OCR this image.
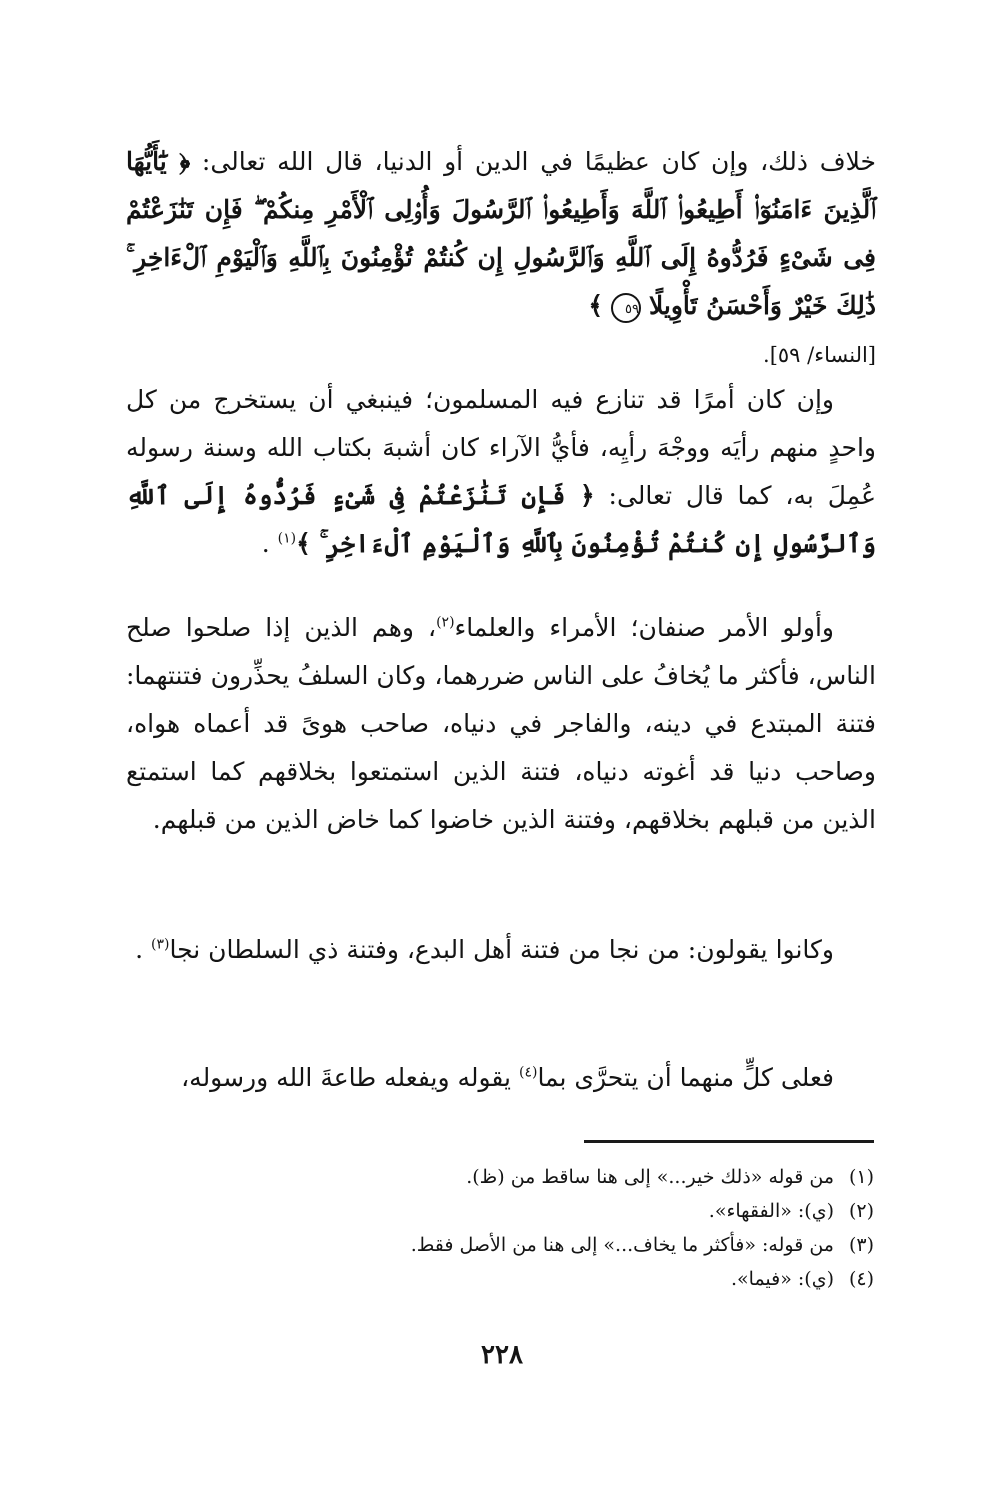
خلاف ذلك، وإن كان عظيمًا في الدين أو الدنيا، قال الله تعالى: ﴿ يَٰٓأَيُّهَا ٱلَّذِينَ ءَامَنُوٓا۟ أَطِيعُوا۟ ٱللَّهَ وَأَطِيعُوا۟ ٱلرَّسُولَ وَأُو۟لِى ٱلْأَمْرِ مِنكُمْ ۖ فَإِن تَنَٰزَعْتُمْ فِى شَىْءٍ فَرُدُّوهُ إِلَى ٱللَّهِ وَٱلرَّسُولِ إِن كُنتُمْ تُؤْمِنُونَ بِٱللَّهِ وَٱلْيَوْمِ ٱلْءَاخِرِ ۚ ذَٰلِكَ خَيْرٌ وَأَحْسَنُ تَأْوِيلًا ٥٩ ﴾
[النساء/ ٥٩].

وإن كان أمرًا قد تنازع فيه المسلمون؛ فينبغي أن يستخرج من كل واحدٍ منهم رأيَه ووجْهَ رأيِه، فأيُّ الآراء كان أشبهَ بكتاب الله وسنة رسوله عُمِلَ به، كما قال تعالى: ﴿ فَإِن تَنَٰزَعْتُمْ فِى شَىْءٍ فَرُدُّوهُ إِلَى ٱللَّهِ وَٱلرَّسُولِ إِن كُنتُمْ تُؤْمِنُونَ بِٱللَّهِ وَٱلْيَوْمِ ٱلْءَاخِرِ ۚ ﴾$^{(١)}$ .

وأولو الأمر صنفان؛ الأمراء والعلماء$^{(٢)}$، وهم الذين إذا صلحوا صلح الناس، فأكثر ما يُخافُ على الناس ضررهما، وكان السلفُ يحذِّرون فتنتهما: فتنة المبتدع في دينه، والفاجر في دنياه، صاحب هوىً قد أعماه هواه، وصاحب دنيا قد أغوته دنياه، فتنة الذين استمتعوا بخلاقهم كما استمتع الذين من قبلهم بخلاقهم، وفتنة الذين خاضوا كما خاض الذين من قبلهم.

وكانوا يقولون: من نجا من فتنة أهل البدع، وفتنة ذي السلطان نجا$^{(٣)}$ .

فعلى كلٍّ منهما أن يتحرَّى بما$^{(٤)}$ يقوله ويفعله طاعةَ الله ورسوله،

(١)من قوله «ذلك خير...» إلى هنا ساقط من (ظ).
(٢)(ي): «الفقهاء».
(٣)من قوله: «فأكثر ما يخاف...» إلى هنا من الأصل فقط.
(٤)(ي): «فيما».
٢٢٨
